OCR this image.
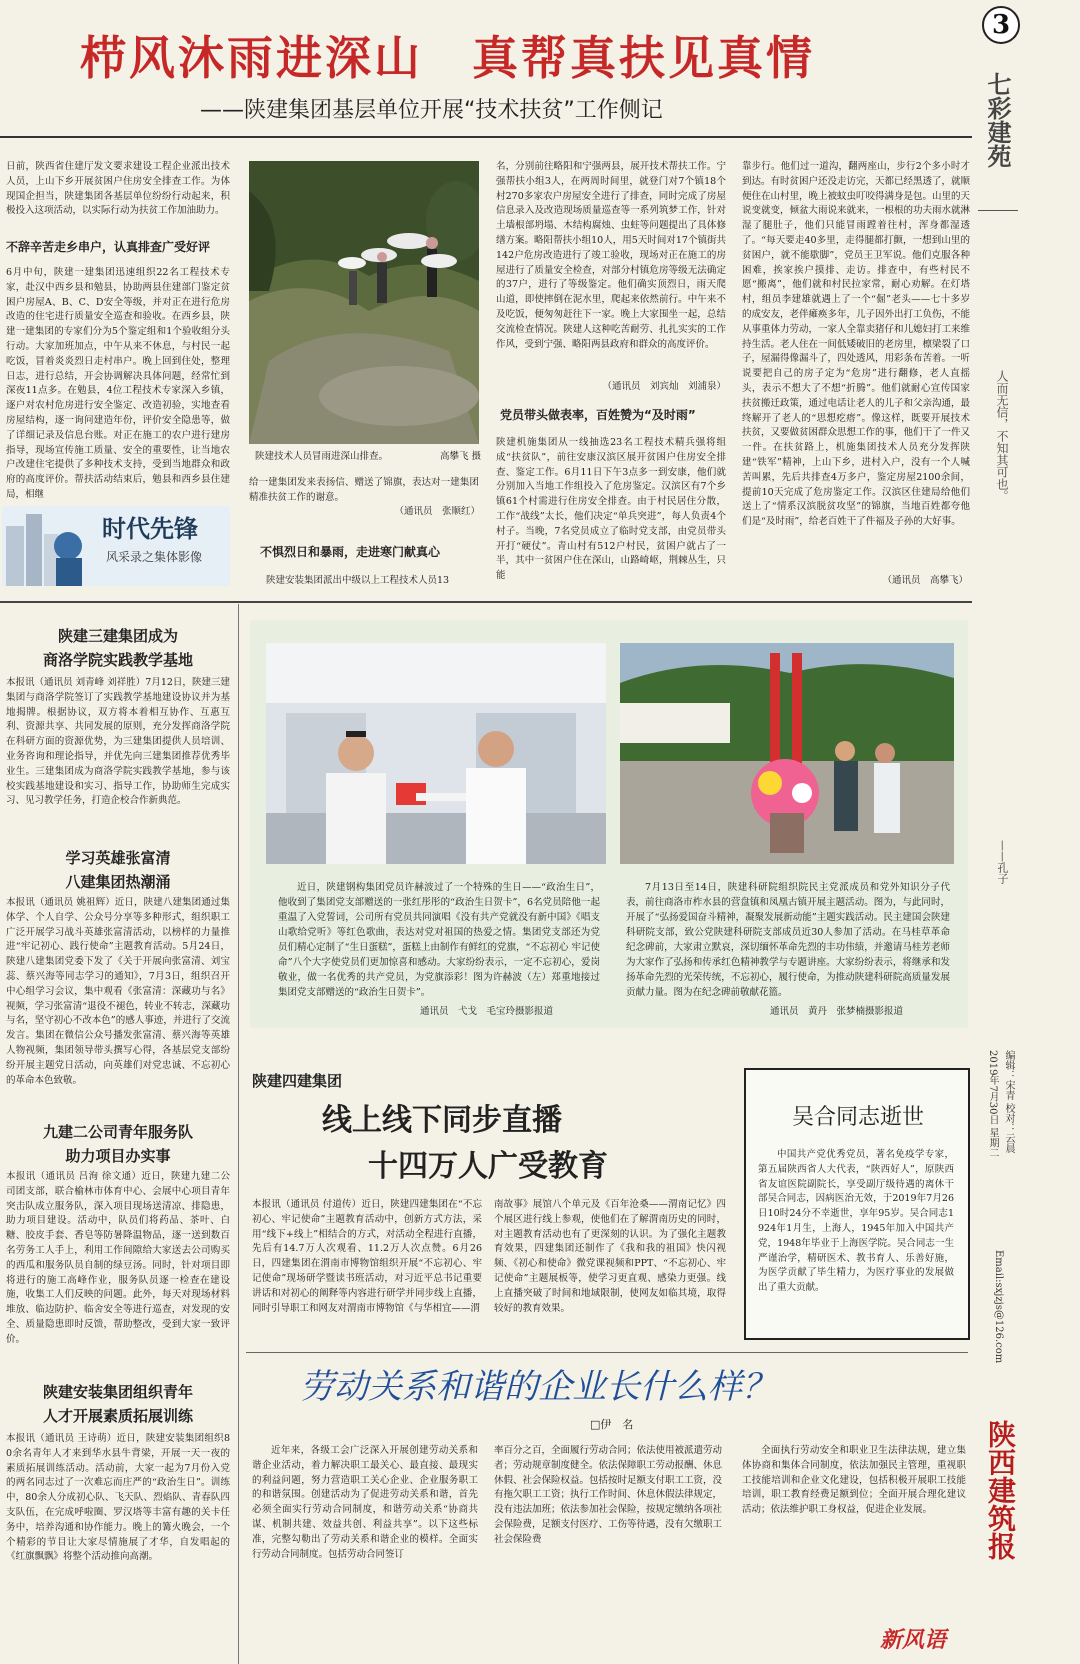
栉风沐雨进深山　真帮真扶见真情
——陕建集团基层单位开展“技术扶贫”工作侧记
3
七彩建苑
人而无信，不知其可也。
——孔子
编辑：宋青 校对：云晨
2019年7月30日 星期二
Email:sxjzjs@126.com
陕西建筑报
日前，陕西省住建厅发文要求建设工程企业派出技术人员，上山下乡开展贫困户住房安全排查工作。为体现国企担当，陕建集团各基层单位纷纷行动起来，积极投入这项活动，以实际行动为扶贫工作加油助力。
不辞辛苦走乡串户，认真排查广受好评
6月中旬，陕建一建集团迅速组织22名工程技术专家，赴汉中西乡县和勉县，协助两县住建部门鉴定贫困户房屋A、B、C、D安全等级，并对正在进行危房改造的住宅进行质量安全巡查和验收。在西乡县，陕建一建集团的专家们分为5个鉴定组和1个验收组分头行动。大家加班加点，中午从来不休息，与村民一起吃饭，冒着炎炎烈日走村串户。晚上回到住处，整理日志，进行总结，开会协调解决具体问题，经常忙到深夜11点多。在勉县，4位工程技术专家深入乡镇，逐户对农村危房进行安全鉴定、改造初验，实地查看房屋结构，逐一询问建造年份，评价安全隐患等，做了详细记录及信息台账。对正在施工的农户进行建房指导，现场宣传施工质量、安全的重要性，让当地农户改建住宅提供了多种技术支持，受到当地群众和政府的高度评价。帮扶活动结束后，勉县和西乡县住建局，相继
陕建技术人员冒雨进深山排查。	高攀飞 摄
给一建集团发来表扬信、赠送了锦旗，表达对一建集团精准扶贫工作的谢意。
（通讯员　张顺红）
不惧烈日和暴雨，走进寒门献真心
陕建安装集团派出中级以上工程技术人员13
名，分别前往略阳和宁强两县，展开技术帮扶工作。宁强帮扶小组3人，在两周时间里，就登门对7个镇18个村270多家农户房屋安全进行了排查，同时完成了房屋信息录入及改造现场质量巡查等一系列筑梦工作，针对土墙根部坍塌、木结构腐烛、虫蛀等问题提出了具体修缮方案。略阳帮扶小组10人，用5天时间对17个镇街共142户危房改造进行了竣工验收，现场对正在施工的房屋进行了质量安全检查，对部分村镇危房等级无法确定的37户，进行了等级鉴定。他们确实顶烈日，雨天爬山道，即使摔倒在泥水里，爬起来依然前行。中午来不及吃饭，便匆匆赶往下一家。晚上大家围坐一起，总结交流检查情况。陕建人这种吃苦耐劳、扎扎实实的工作作风，受到宁强、略阳两县政府和群众的高度评价。
（通讯员　刘宾灿　刘浦泉）
党员带头做表率，百姓赞为“及时雨”
陕建机施集团从一线抽选23名工程技术精兵强将组成“扶贫队”，前往安康汉滨区展开贫困户住房安全排查、鉴定工作。6月11日下午3点多一到安康，他们就分别加入当地工作组投入了危房鉴定。汉滨区有7个乡镇61个村需进行住房安全排查。由于村民居住分散，工作“战线”太长，他们决定“单兵突进”，每人负责4个村子。当晚，7名党员成立了临时党支部，由党员带头开打“硬仗”。青山村有512户村民，贫困户就占了一半，其中一贫困户住在深山，山路崎岖，荆棘丛生，只能
靠步行。他们过一道沟，翻两座山，步行2个多小时才到达。有时贫困户还没走访完，天都已经黑透了，就顺便住在山村里，晚上被蚊虫叮咬得满身是包。山里的天说变就变，倾盆大雨说来就来，一根根的功夫雨水就淋湿了腿肚子，他们只能冒雨蹚着往村，浑身都湿透了。“每天要走40多里，走得腿都打颤，一想到山里的贫困户，就不能歇脚”，党员王卫军说。他们克服各种困难，挨家挨户摸排、走访。排查中，有些村民不愿“搬离”，他们就和村民拉家常，耐心劝解。在灯塔村，组员李建雄就遇上了一个“倔”老头——七十多岁的成安友，老伴瘫痪多年，儿子因外出打工负伤，不能从事重体力劳动，一家人全靠卖猪仔和儿媳妇打工来维持生活。老人住在一间低矮破旧的老房里，檩梁裂了口子，屋漏得像漏斗了，四处透风，用彩条布苦着。一听说要把自己的房子定为“危房”进行翻修，老人直摇头，表示不想大了不想“折腾”。他们就耐心宣传国家扶贫搬迁政策，通过电话让老人的儿子和父亲沟通，最终解开了老人的“思想疙瘩”。像这样，既要开展技术扶贫，又要做贫困群众思想工作的事，他们干了一件又一件。在扶贫路上，机施集团技术人员充分发挥陕建“铁军”精神，上山下乡，进村入户，没有一个人喊苦叫累，先后共排查4万多户，鉴定房屋2100余间，提前10天完成了危房鉴定工作。汉滨区住建局给他们送上了“情系汉滨脱贫攻坚”的锦旗，当地百姓都夸他们是“及时雨”，给老百姓干了件福及子孙的大好事。
（通讯员　高攀飞）
时代先锋
风采录之集体影像
陕建三建集团成为
商洛学院实践教学基地
本报讯（通讯员 刘青峰 刘祥胜）7月12日，陕建三建集团与商洛学院签订了实践教学基地建设协议并为基地揭牌。根据协议，双方将本着相互协作、互惠互利、资源共享、共同发展的原则，充分发挥商洛学院在科研方面的资源优势，为三建集团提供人员培训、业务咨询和理论指导，并优先向三建集团推荐优秀毕业生。三建集团成为商洛学院实践教学基地，参与该校实践基地建设和实习、指导工作，协助师生完成实习、见习教学任务，打造企校合作新典范。
学习英雄张富清
八建集团热潮涌
本报讯（通讯员 姚祖辉）近日，陕建八建集团通过集体学、个人自学、公众号分享等多种形式，组织职工广泛开展学习战斗英雄张富清活动，以榜样的力量推进“牢记初心、践行使命”主题教育活动。5月24日，陕建八建集团党委下发了《关于开展向张富清、刘宝蕊、蔡兴海等同志学习的通知》，7月3日，组织召开中心组学习会议，集中观看《张富清：深藏功与名》视频，学习张富清“退役不褪色，转业不转志，深藏功与名，坚守初心不改本色”的感人事迹，并进行了交流发言。集团在微信公众号播发张富清、蔡兴海等英雄人物视频，集团领导带头撰写心得，各基层党支部纷纷开展主题党日活动，向英雄们对党忠诚、不忘初心的革命本色致敬。
九建二公司青年服务队
助力项目办实事
本报讯（通讯员 吕洵 徐文通）近日，陕建九建二公司团支部，联合榆林市体育中心、会展中心项目青年突击队成立服务队，深入项目现场送清凉、排隐患，助力项目建设。活动中，队员们将药品、茶叶、白糖、胶皮手套、香皂等防暑降温物品，逐一送到数百名劳务工人手上，利用工作间隙给大家送去公司购买的西瓜和服务队员自制的绿豆汤。同时，针对项目即将进行的施工高峰作业，服务队员逐一检查在建设施，收集工人们反映的问题。此外，每天对现场材料堆放、临边防护、临舍安全等进行巡查，对发现的安全、质量隐患即时反馈，帮助整改，受到大家一致评价。
陕建安装集团组织青年
人才开展素质拓展训练
本报讯（通讯员 王诗萌）近日，陕建安装集团组织80余名青年人才来到华水县牛背梁，开展一天一夜的素质拓展训练活动。活动前，大家一起为7月份入党的两名同志过了一次难忘而庄严的“政治生日”。训练中，80余人分成初心队、飞天队、烈焰队、青春队四支队伍，在完成呼啦圈、罗汉塔等丰富有趣的关卡任务中，培养沟通和协作能力。晚上的篝火晚会，一个个精彩的节目让大家尽情施展了才华，自发唱起的《红旗飘飘》将整个活动推向高潮。
近日，陕建钢构集团党员许赫波过了一个特殊的生日——“政治生日”，他收到了集团党支部赠送的一张红彤彤的“政治生日贺卡”，6名党员陪他一起重温了入党誓词，公司所有党员共同演唱《没有共产党就没有新中国》《唱支山歌给党听》等红色歌曲，表达对党对祖国的热爱之情。集团党支部还为党员们精心定制了“生日蛋糕”，蛋糕上由制作有鲜红的党旗，“不忘初心 牢记使命”八个大字使党员们更加惊喜和感动。大家纷纷表示，一定不忘初心，爱岗敬业，做一名优秀的共产党员，为党旗添彩！图为许赫波（左）郑重地接过集团党支部赠送的“政治生日贺卡”。
通讯员　弋戈　毛宝玲摄影报道
7月13日至14日，陕建科研院组织院民主党派成员和党外知识分子代表，前往商洛市柞水县的营盘镇和凤凰古镇开展主题活动。图为，与此同时，开展了“弘扬爱国奋斗精神，凝聚发展新动能”主题实践活动。民主建国会陕建科研院支部，致公党陕建科研院支部成员近30人参加了活动。在马桂草革命纪念碑前，大家肃立默哀，深切缅怀革命先烈的丰功伟绩，并邀请马桂芳老师为大家作了弘扬和传承红色精神教学与专题讲座。大家纷纷表示，将继承和发扬革命先烈的光荣传统，不忘初心，履行使命，为推动陕建科研院高质量发展贡献力量。图为在纪念碑前敬献花篮。
通讯员　黄丹　张梦楠摄影报道
陕建四建集团
线上线下同步直播
十四万人广受教育
本报讯（通讯员 付道传）近日，陕建四建集团在“不忘初心、牢记使命”主题教育活动中，创新方式方法，采用“线下+线上”相结合的方式，对活动全程进行直播，先后有14.7万人次观看、11.2万人次点赞。6月26日，四建集团在渭南市博物馆组织开展“不忘初心、牢记使命”现场研学暨读书班活动，对习近平总书记重要讲话和对初心的阐释等内容进行研学并同步线上直播，同时引导职工和网友对渭南市博物馆《与华相宜——渭
南故事》展馆八个单元及《百年沧桑——渭南记忆》四个展区进行线上参观，使他们在了解渭南历史的同时，对主题教育活动也有了更深刻的认识。为了强化主题教育效果，四建集团还制作了《我和我的祖国》快闪视频、《初心和使命》微党课视频和PPT、“不忘初心、牢记使命”主题展板等，使学习更直观、感染力更强。线上直播突破了时间和地域限制，使网友如临其境，取得较好的教育效果。
吴合同志逝世
中国共产党优秀党员，著名免疫学专家，第五届陕西省人大代表，“陕西好人”，原陕西省友谊医院副院长，享受副厅级待遇的离休干部吴合同志，因病医治无效，于2019年7月26日10时24分不幸逝世，享年95岁。吴合同志1924年1月生，上海人，1945年加入中国共产党，1948年毕业于上海医学院。吴合同志一生严谨治学，精研医术、教书育人、乐善好施，为医学贡献了毕生精力，为医疗事业的发展做出了重大贡献。
劳动关系和谐的企业长什么样？
□伊　名
近年来，各级工会广泛深入开展创建劳动关系和谐企业活动，着力解决职工最关心、最直接、最现实的利益问题，努力营造职工关心企业、企业服务职工的和谐氛围。创建活动为了促进劳动关系和谐，首先必须全面实行劳动合同制度，和谐劳动关系“协商共谋、机制共建、效益共创、利益共享”。以下这些标准，完整勾勒出了劳动关系和谐企业的模样。全面实行劳动合同制度。包括劳动合同签订
率百分之百，全面履行劳动合同；依法使用被派遣劳动者；劳动规章制度健全。依法保障职工劳动报酬、休息休假、社会保险权益。包括按时足额支付职工工资，没有拖欠职工工资；执行工作时间、休息休假法律规定，没有违法加班；依法参加社会保险，按规定缴纳各项社会保险费，足额支付医疗、工伤等待遇，没有欠缴职工社会保险费
全面执行劳动安全和职业卫生法律法规，建立集体协商和集体合同制度，依法加强民主管理，重视职工技能培训和企业文化建设，包括积极开展职工技能培训，职工教育经费足额到位；全面开展合理化建议活动；依法维护职工身权益，促进企业发展。
新风语
